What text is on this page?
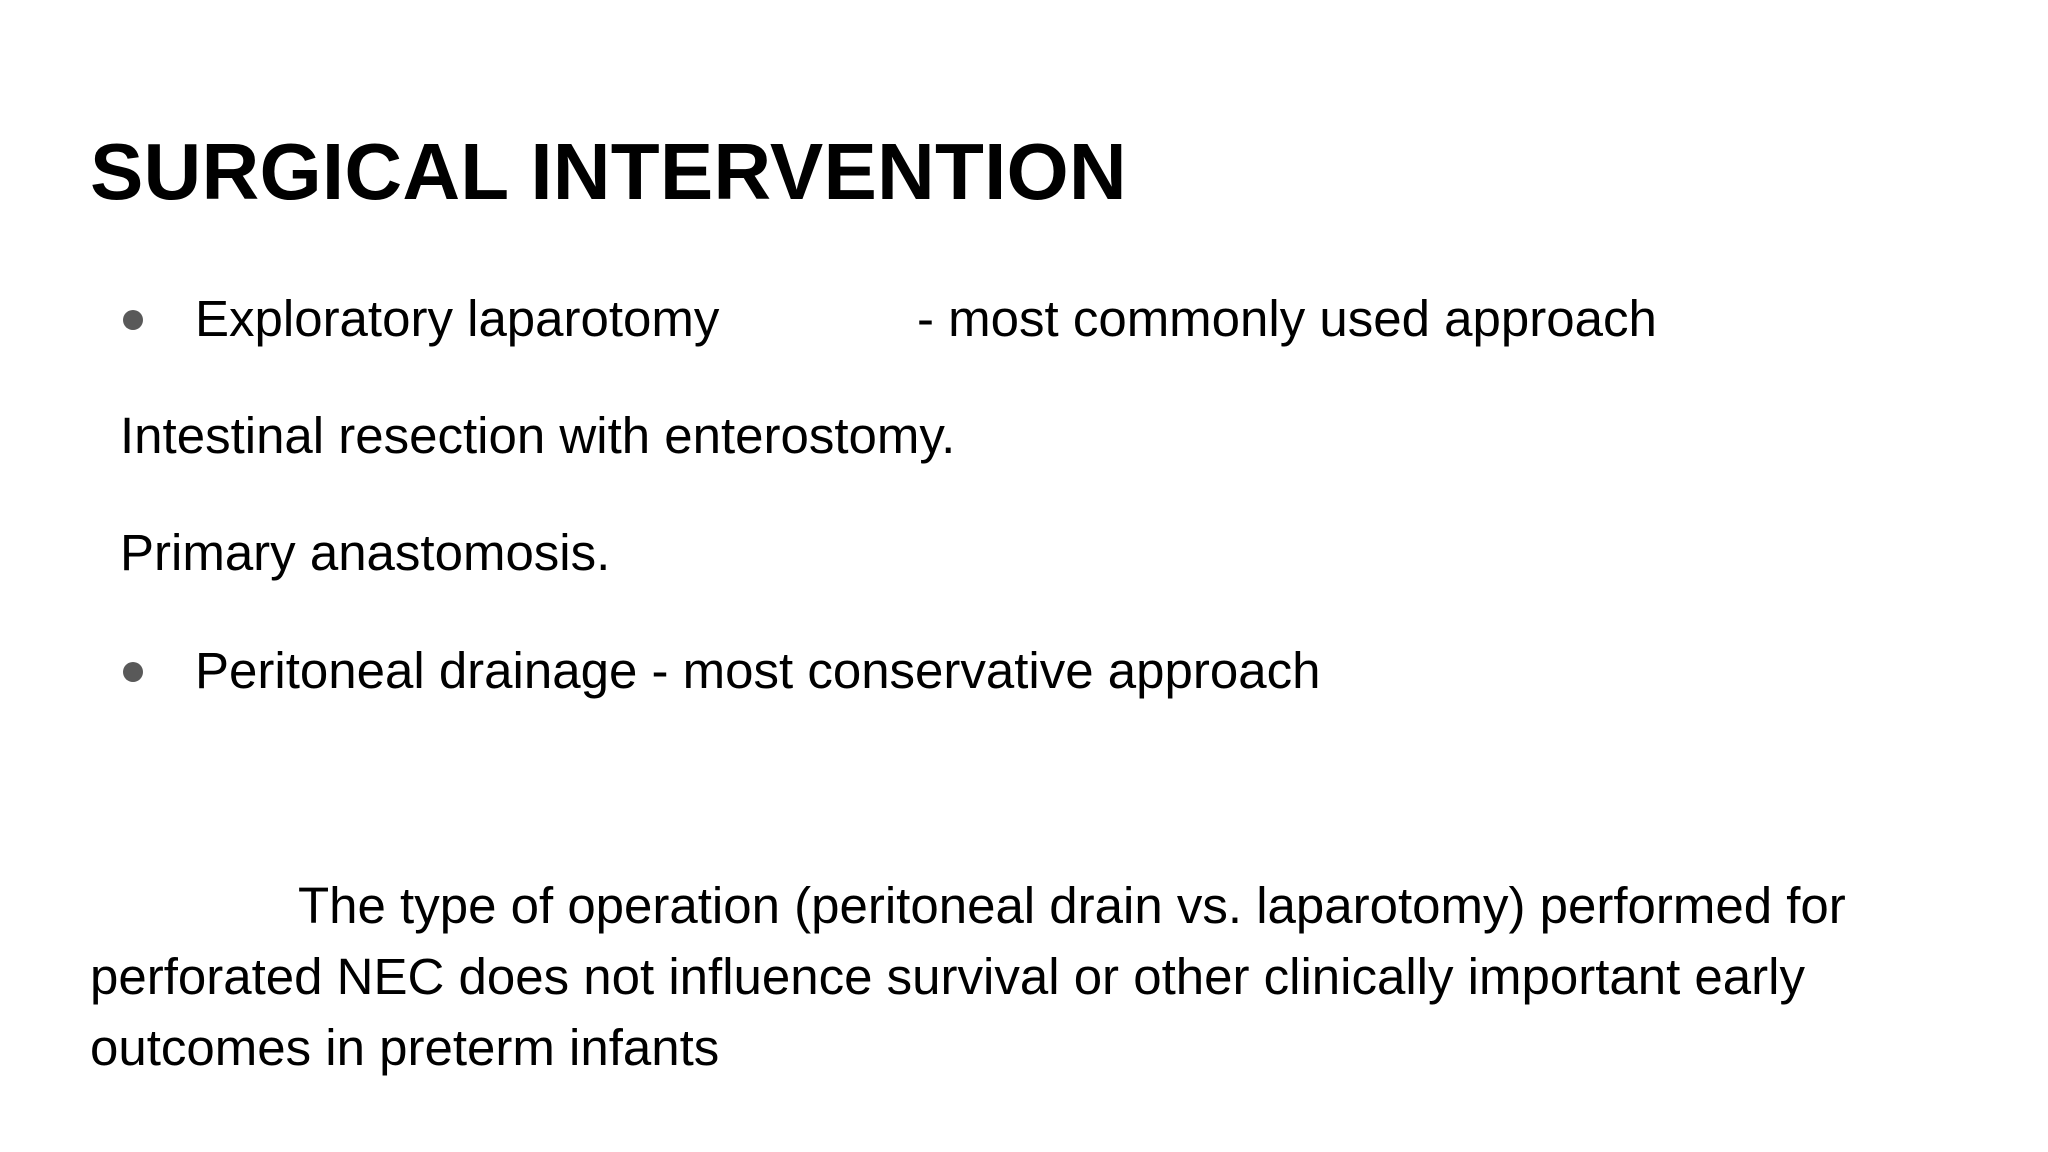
SURGICAL INTERVENTION
Exploratory laparotomy	- most commonly used approach
Intestinal resection with enterostomy.
Primary anastomosis.
Peritoneal drainage - most conservative approach

The type of operation (peritoneal drain vs. laparotomy) performed for perforated NEC does not influence survival or other clinically important early outcomes in preterm infants
